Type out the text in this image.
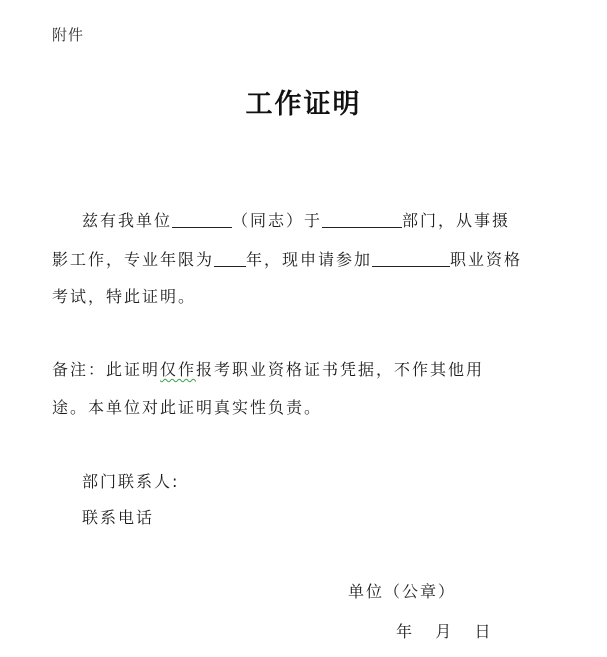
附件
工作证明
兹有我单位	（同志）于	部门，从事摄
影工作，专业年限为 年，现申请参加	职业资格
考试，特此证明。
备注：此证明仅作报考职业资格证书凭据，不作其他用
途。本单位对此证明真实性负责。
部门联系人:
联系电话
单位（公章）
年   月   日
